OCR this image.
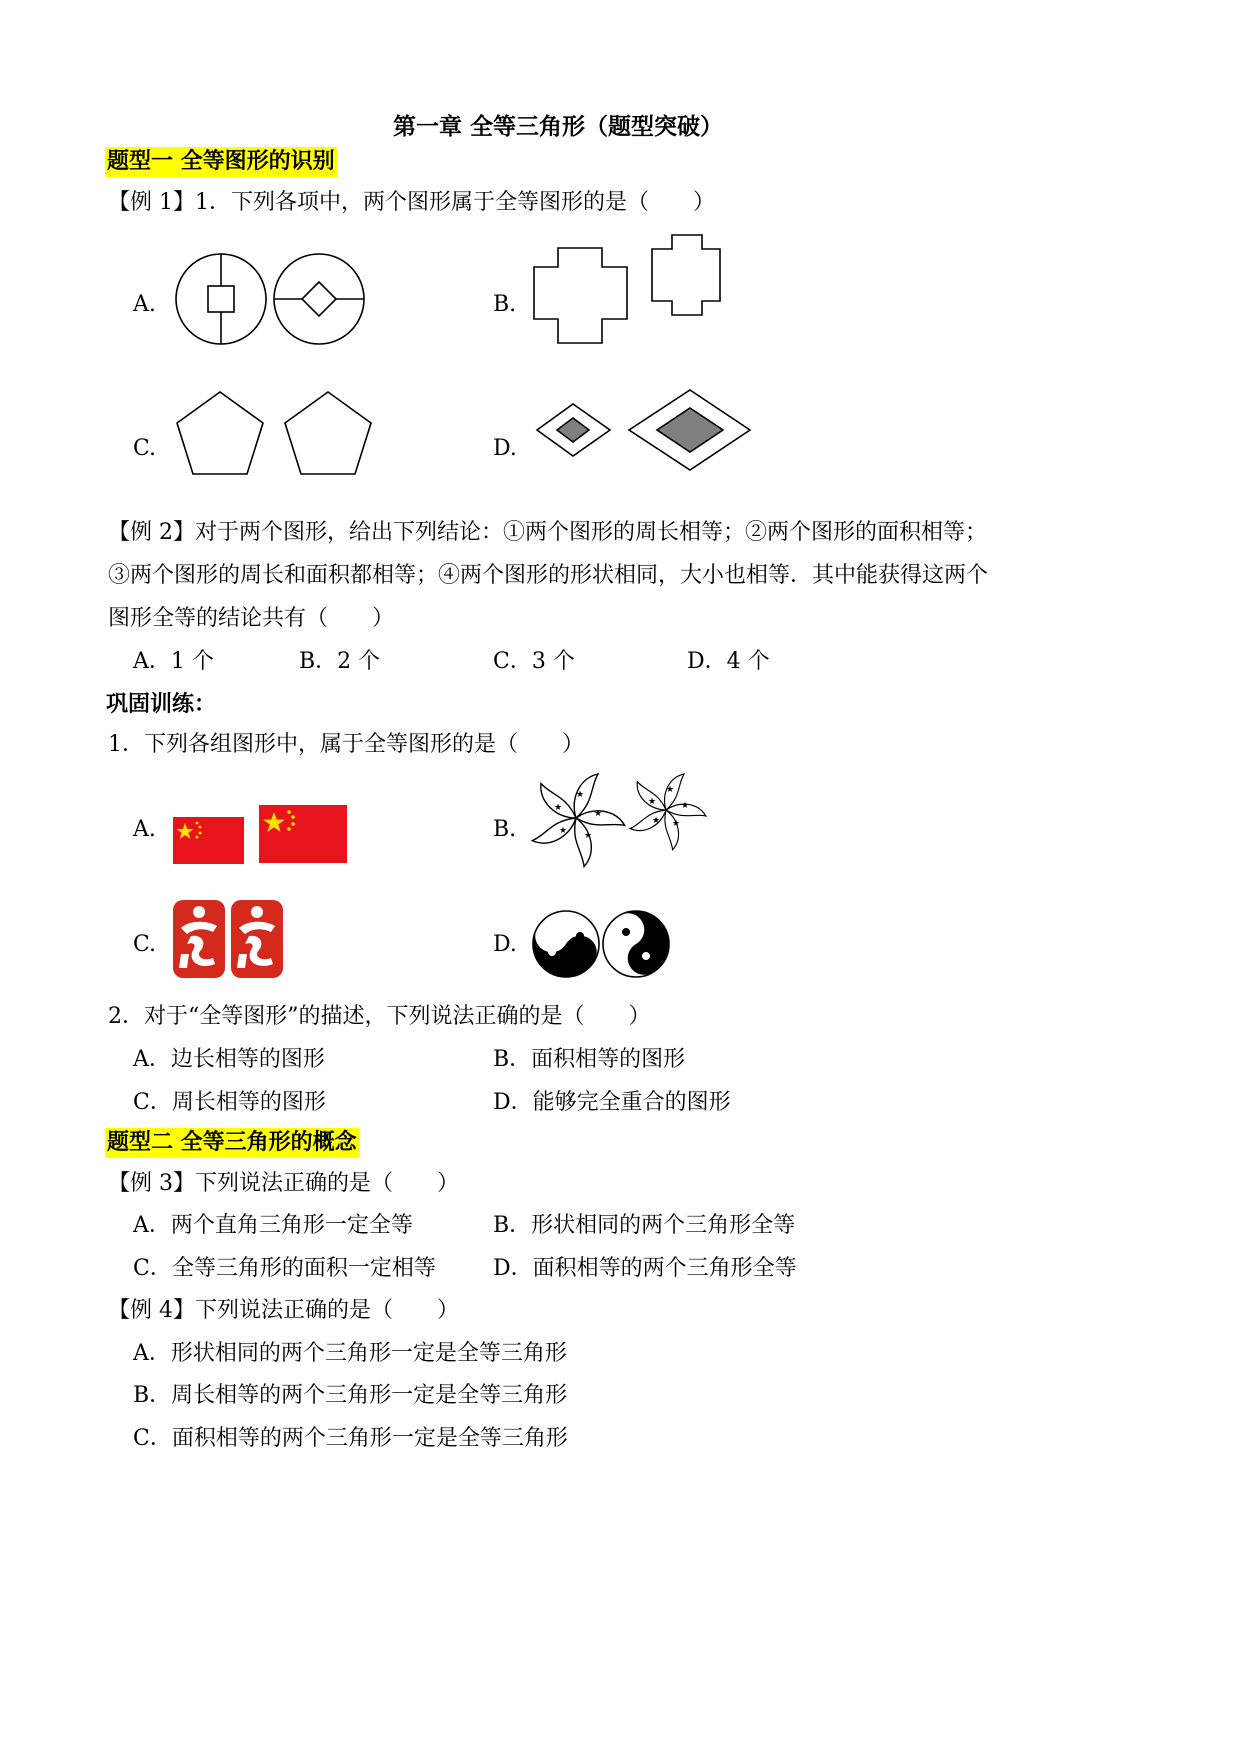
第一章 全等三角形（题型突破）
题型一 全等图形的识别
【例 1】1．下列各项中，两个图形属于全等图形的是（　　）
A.	B.
C.	D.
【例 2】对于两个图形，给出下列结论：①两个图形的周长相等；②两个图形的面积相等；
③两个图形的周长和面积都相等；④两个图形的形状相同，大小也相等．其中能获得这两个
图形全等的结论共有（　　）
A．1 个	B．2 个	C．3 个	D．4 个
巩固训练：
1．下列各组图形中，属于全等图形的是（　　）
A.	B.
C.	D.
★
★
★
★
★
★
★
★
★
★
2．对于“全等图形”的描述，下列说法正确的是（　　）
A．边长相等的图形	B．面积相等的图形
C．周长相等的图形	D．能够完全重合的图形
题型二 全等三角形的概念
【例 3】下列说法正确的是（　　）
A．两个直角三角形一定全等	B．形状相同的两个三角形全等
C．全等三角形的面积一定相等	D．面积相等的两个三角形全等
【例 4】下列说法正确的是（　　）
A．形状相同的两个三角形一定是全等三角形
B．周长相等的两个三角形一定是全等三角形
C．面积相等的两个三角形一定是全等三角形
